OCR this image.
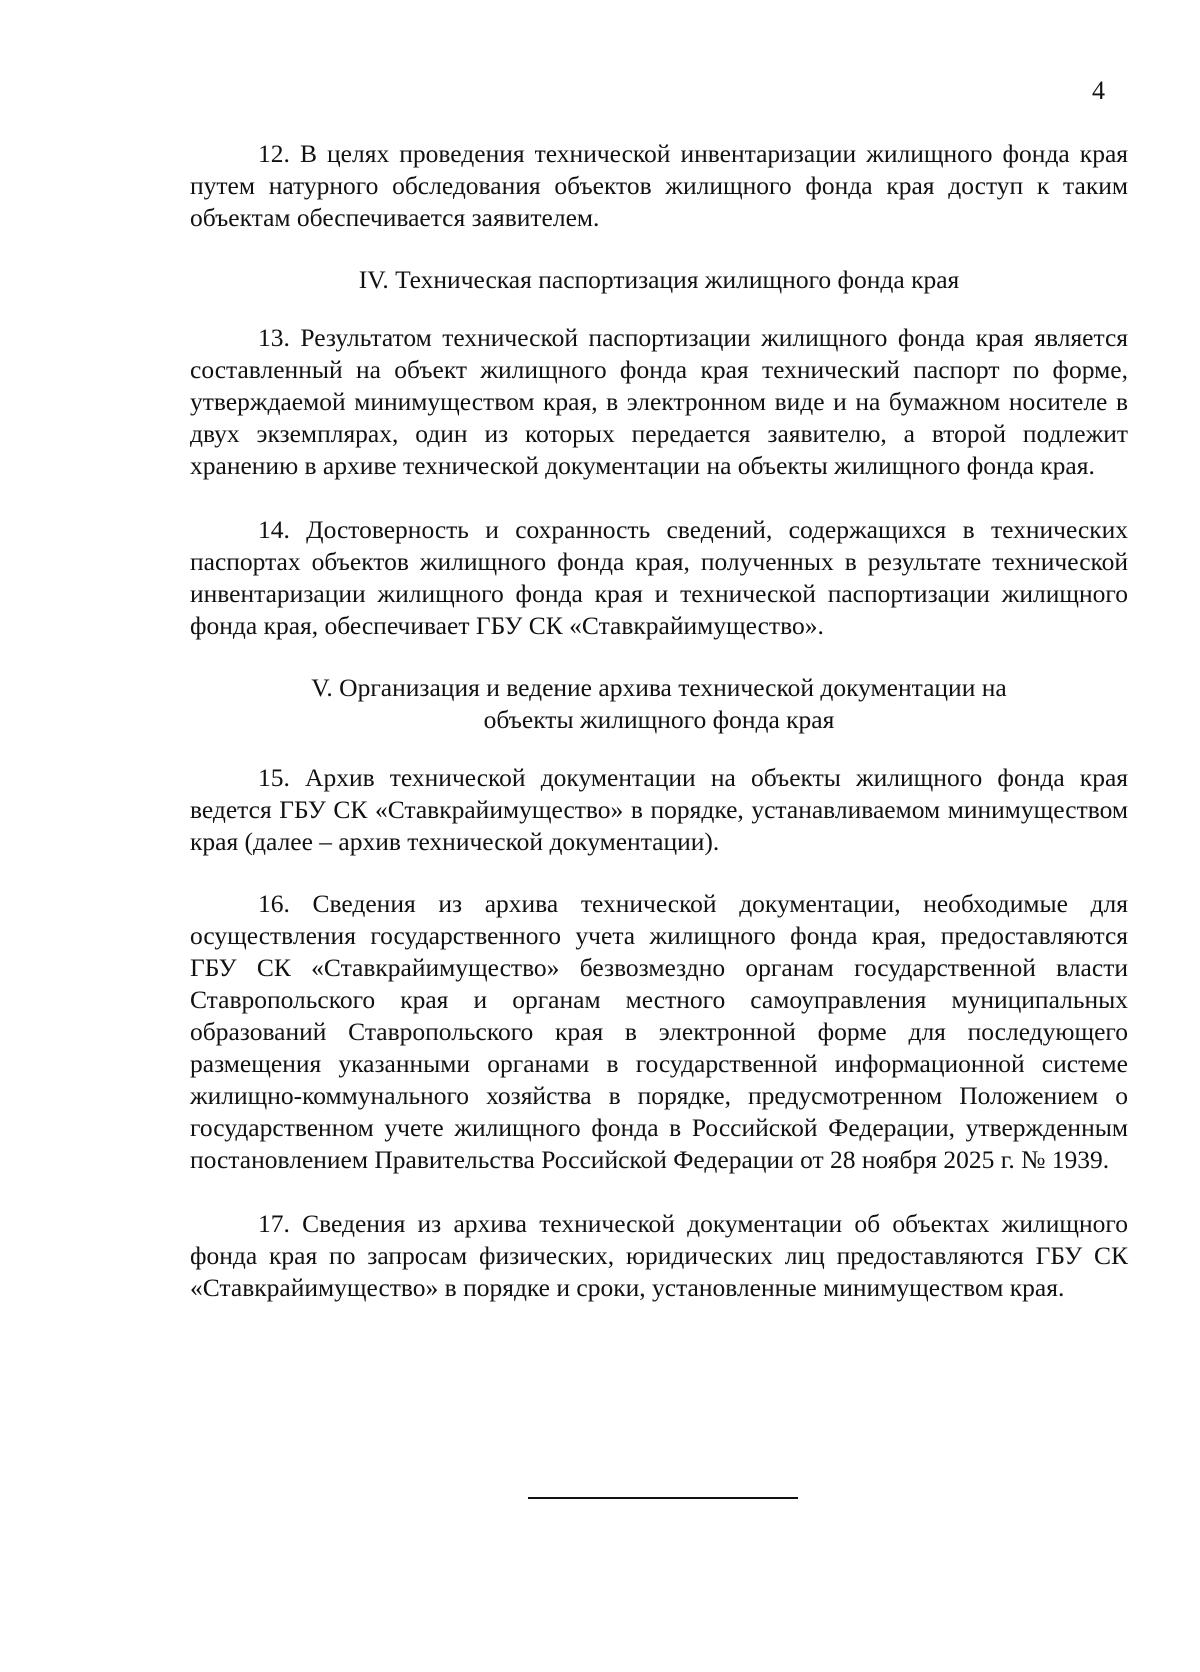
4

12. В целях проведения технической инвентаризации жилищного фонда края путем натурного обследования объектов жилищного фонда края доступ к таким объектам обеспечивается заявителем.

IV. Техническая паспортизация жилищного фонда края

13. Результатом технической паспортизации жилищного фонда края является составленный на объект жилищного фонда края технический паспорт по форме, утверждаемой минимуществом края, в электронном виде и на бумажном носителе в двух экземплярах, один из которых передается заявителю, а второй подлежит хранению в архиве технической документации на объекты жилищного фонда края.

14. Достоверность и сохранность сведений, содержащихся в технических паспортах объектов жилищного фонда края, полученных в результате технической инвентаризации жилищного фонда края и технической паспортизации жилищного фонда края, обеспечивает ГБУ СК «Ставкрайимущество».

V. Организация и ведение архива технической документации на

объекты жилищного фонда края

15. Архив технической документации на объекты жилищного фонда края ведется ГБУ СК «Ставкрайимущество» в порядке, устанавливаемом минимуществом края (далее – архив технической документации).

16. Сведения из архива технической документации, необходимые для осуществления государственного учета жилищного фонда края, предоставляются ГБУ СК «Ставкрайимущество» безвозмездно органам государственной власти Ставропольского края и органам местного самоуправления муниципальных образований Ставропольского края в электронной форме для последующего размещения указанными органами в государственной информационной системе жилищно-коммунального хозяйства в порядке, предусмотренном Положением о государственном учете жилищного фонда в Российской Федерации, утвержденным постановлением Правительства Российской Федерации от 28 ноября 2025 г. № 1939.

17. Сведения из архива технической документации об объектах жилищного фонда края по запросам физических, юридических лиц предоставляются ГБУ СК «Ставкрайимущество» в порядке и сроки, установленные минимуществом края.
